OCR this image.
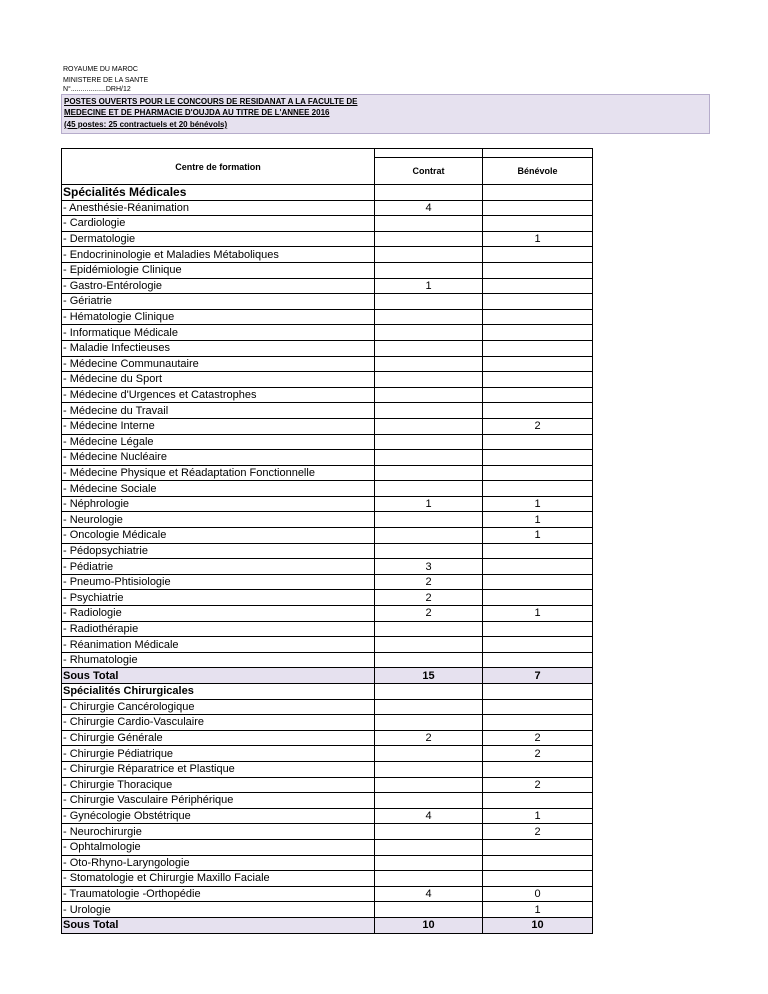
ROYAUME DU MAROC
MINISTERE DE LA SANTE
N°..................DRH/12
POSTES OUVERTS POUR LE CONCOURS DE RESIDANAT A LA FACULTE DE
MEDECINE ET DE PHARMACIE D'OUJDA AU TITRE DE L'ANNEE 2016
(45 postes: 25 contractuels et 20 bénévols)
Centre de formation		
	Contrat	Bénévole
Spécialités Médicales		
- Anesthésie-Réanimation	4	
- Cardiologie		
- Dermatologie		1
- Endocrininologie et Maladies Métaboliques		
- Epidémiologie Clinique		
- Gastro-Entérologie	1	
- Gériatrie		
- Hématologie Clinique		
- Informatique Médicale		
- Maladie Infectieuses		
- Médecine Communautaire		
- Médecine du Sport		
- Médecine d'Urgences et Catastrophes		
- Médecine du Travail		
- Médecine Interne		2
- Médecine Légale		
- Médecine Nucléaire		
- Médecine Physique et Réadaptation Fonctionnelle		
- Médecine Sociale		
- Néphrologie	1	1
- Neurologie		1
- Oncologie Médicale		1
- Pédopsychiatrie		
- Pédiatrie	3	
- Pneumo-Phtisiologie	2	
- Psychiatrie	2	
- Radiologie	2	1
- Radiothérapie		
- Réanimation Médicale		
- Rhumatologie		
Sous Total	15	7
Spécialités Chirurgicales		
- Chirurgie Cancérologique		
- Chirurgie Cardio-Vasculaire		
- Chirurgie Générale	2	2
- Chirurgie Pédiatrique		2
- Chirurgie Réparatrice et Plastique		
- Chirurgie Thoracique		2
- Chirurgie Vasculaire Périphérique		
- Gynécologie Obstétrique	4	1
- Neurochirurgie		2
- Ophtalmologie		
- Oto-Rhyno-Laryngologie		
- Stomatologie et Chirurgie Maxillo Faciale		
- Traumatologie -Orthopédie	4	0
- Urologie		1
Sous Total	10	10
